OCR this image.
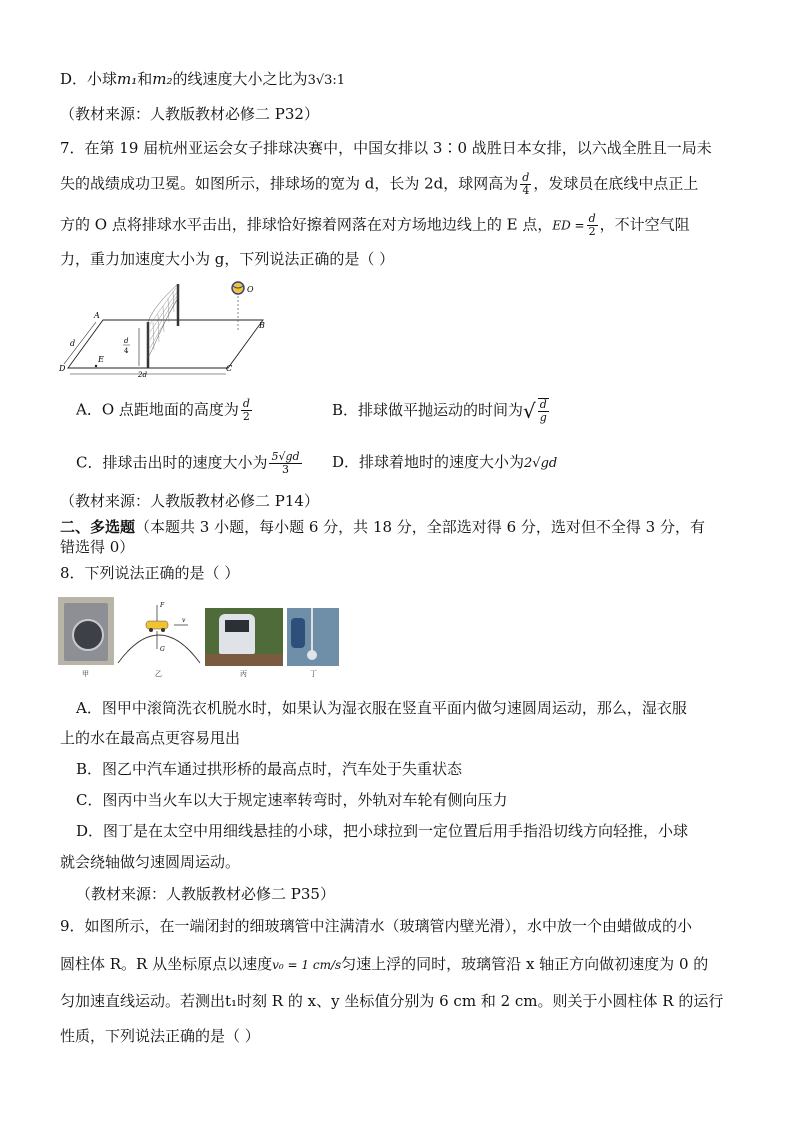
D．小球m₁和m₂的线速度大小之比为3√3:1
（教材来源：人教版教材必修二 P32）
7．在第 19 届杭州亚运会女子排球决赛中，中国女排以 3∶0 战胜日本女排，以六战全胜且一局未
失的战绩成功卫冕。如图所示，排球场的宽为 d，长为 2d，球网高为 $\frac{d}{4}$ ，发球员在底线中点正上
方的 O 点将排球水平击出，排球恰好擦着网落在对方场地边线上的 E 点，ED = $\frac{d}{2}$ ，不计空气阻
力，重力加速度大小为 g，下列说法正确的是（ ）
A
B
C
D
E
O
d
2d
d
4
A．O 点距地面的高度为 $\frac{d}{2}$	B．排球做平抛运动的时间为√ $\frac{d}{g}$
C．排球击出时的速度大小为 $\frac{5√gd}{3}$ D．排球着地时的速度大小为2√gd
（教材来源：人教版教材必修二 P14）
二、多选题（本题共 3 小题，每小题 6 分，共 18 分，全部选对得 6 分，选对但不全得 3 分，有
错选得 0）
8．下列说法正确的是（ ）
F
G
v
甲	乙	丙	丁
A．图甲中滚筒洗衣机脱水时，如果认为湿衣服在竖直平面内做匀速圆周运动，那么，湿衣服
上的水在最高点更容易甩出
B．图乙中汽车通过拱形桥的最高点时，汽车处于失重状态
C．图丙中当火车以大于规定速率转弯时，外轨对车轮有侧向压力
D．图丁是在太空中用细线悬挂的小球，把小球拉到一定位置后用手指沿切线方向轻推，小球
就会绕轴做匀速圆周运动。
（教材来源：人教版教材必修二 P35）
9．如图所示，在一端闭封的细玻璃管中注满清水（玻璃管内壁光滑），水中放一个由蜡做成的小
圆柱体 R。R 从坐标原点以速度v₀ = 1 cm/s匀速上浮的同时，玻璃管沿 x 轴正方向做初速度为 0 的
匀加速直线运动。若测出t₁时刻 R 的 x、y 坐标值分别为 6 cm 和 2 cm。则关于小圆柱体 R 的运行
性质，下列说法正确的是（ ）
